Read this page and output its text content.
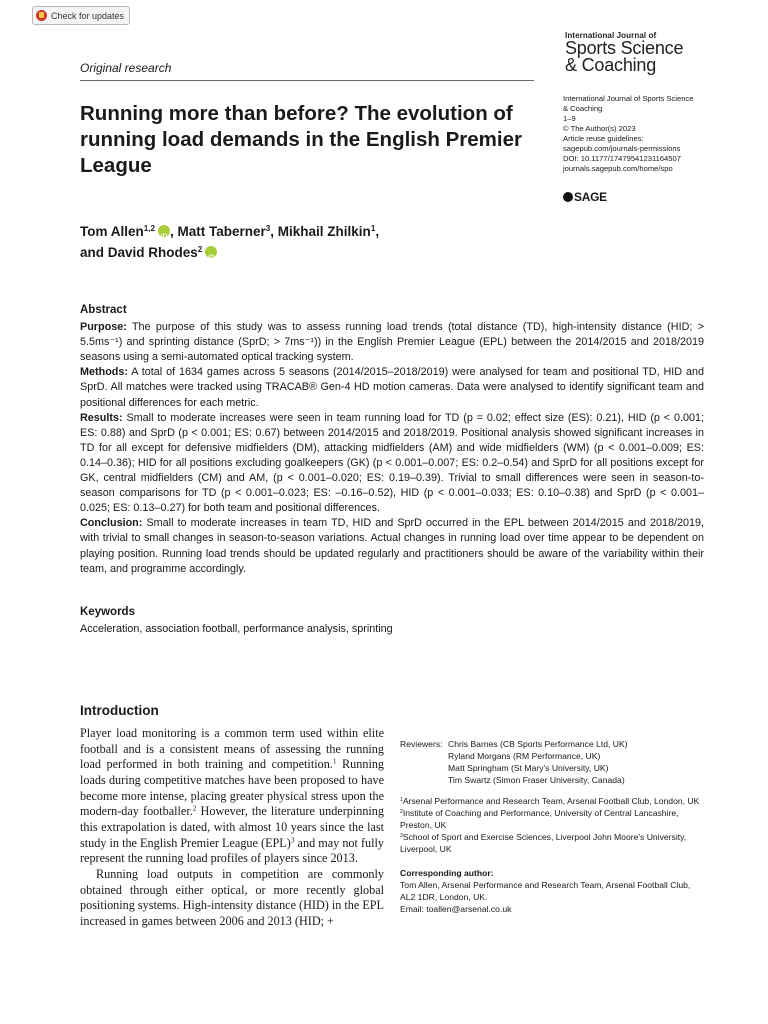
Check for updates
Original research
International Journal of
Sports Science
& Coaching
International Journal of Sports Science
& Coaching
1–9
© The Author(s) 2023
Article reuse guidelines:
sagepub.com/journals-permissions
DOI: 10.1177/17479541231164507
journals.sagepub.com/home/spo
SAGE
Running more than before? The evolution of running load demands in the English Premier League
Tom Allen$^{1,2}$iD , Matt Taberner$^3$, Mikhail Zhilkin$^1$,
and David Rhodes$^2$iD
Abstract

Purpose: The purpose of this study was to assess running load trends (total distance (TD), high-intensity distance (HID; > 5.5ms⁻¹) and sprinting distance (SprD; > 7ms⁻¹)) in the English Premier League (EPL) between the 2014/2015 and 2018/2019 seasons using a semi-automated optical tracking system.

Methods: A total of 1634 games across 5 seasons (2014/2015–2018/2019) were analysed for team and positional TD, HID and SprD. All matches were tracked using TRACAB® Gen-4 HD motion cameras. Data were analysed to identify significant team and positional differences for each metric.

Results: Small to moderate increases were seen in team running load for TD (p = 0.02; effect size (ES): 0.21), HID (p < 0.001; ES: 0.88) and SprD (p < 0.001; ES: 0.67) between 2014/2015 and 2018/2019. Positional analysis showed significant increases in TD for all except for defensive midfielders (DM), attacking midfielders (AM) and wide midfielders (WM) (p < 0.001–0.009; ES: 0.14–0.36); HID for all positions excluding goalkeepers (GK) (p < 0.001–0.007; ES: 0.2–0.54) and SprD for all positions except for GK, central midfielders (CM) and AM, (p < 0.001–0.020; ES: 0.19–0.39). Trivial to small differences were seen in season-to-season comparisons for TD (p < 0.001–0.023; ES: –0.16–0.52), HID (p < 0.001–0.033; ES: 0.10–0.38) and SprD (p < 0.001–0.025; ES: 0.13–0.27) for both team and positional differences.

Conclusion: Small to moderate increases in team TD, HID and SprD occurred in the EPL between 2014/2015 and 2018/2019, with trivial to small changes in season-to-season variations. Actual changes in running load over time appear to be dependent on playing position. Running load trends should be updated regularly and practitioners should be aware of the variability within their team, and programme accordingly.

Keywords
Acceleration, association football, performance analysis, sprinting
Introduction

Player load monitoring is a common term used within elite football and is a consistent means of assessing the running load performed in both training and competition.$^1$ Running loads during competitive matches have been proposed to have become more intense, placing greater physical stress upon the modern-day footballer.$^2$ However, the literature underpinning this extrapolation is dated, with almost 10 years since the last study in the English Premier League (EPL)$^3$ and may not fully represent the running load profiles of players since 2013.

Running load outputs in competition are commonly obtained through either optical, or more recently global positioning systems. High-intensity distance (HID) in the EPL increased in games between 2006 and 2013 (HID; +

Reviewers: Chris Barnes (CB Sports Performance Ltd, UK)
Ryland Morgans (RM Performance, UK)
Matt Springham (St Mary's University, UK)
Tim Swartz (Simon Fraser University, Canada)
$^1$Arsenal Performance and Research Team, Arsenal Football Club, London, UK
$^2$Institute of Coaching and Performance, University of Central Lancashire, Preston, UK
$^3$School of Sport and Exercise Sciences, Liverpool John Moore's University, Liverpool, UK
Corresponding author:
Tom Allen, Arsenal Performance and Research Team, Arsenal Football Club, AL2 1DR, London, UK.
Email: toallen@arsenal.co.uk
